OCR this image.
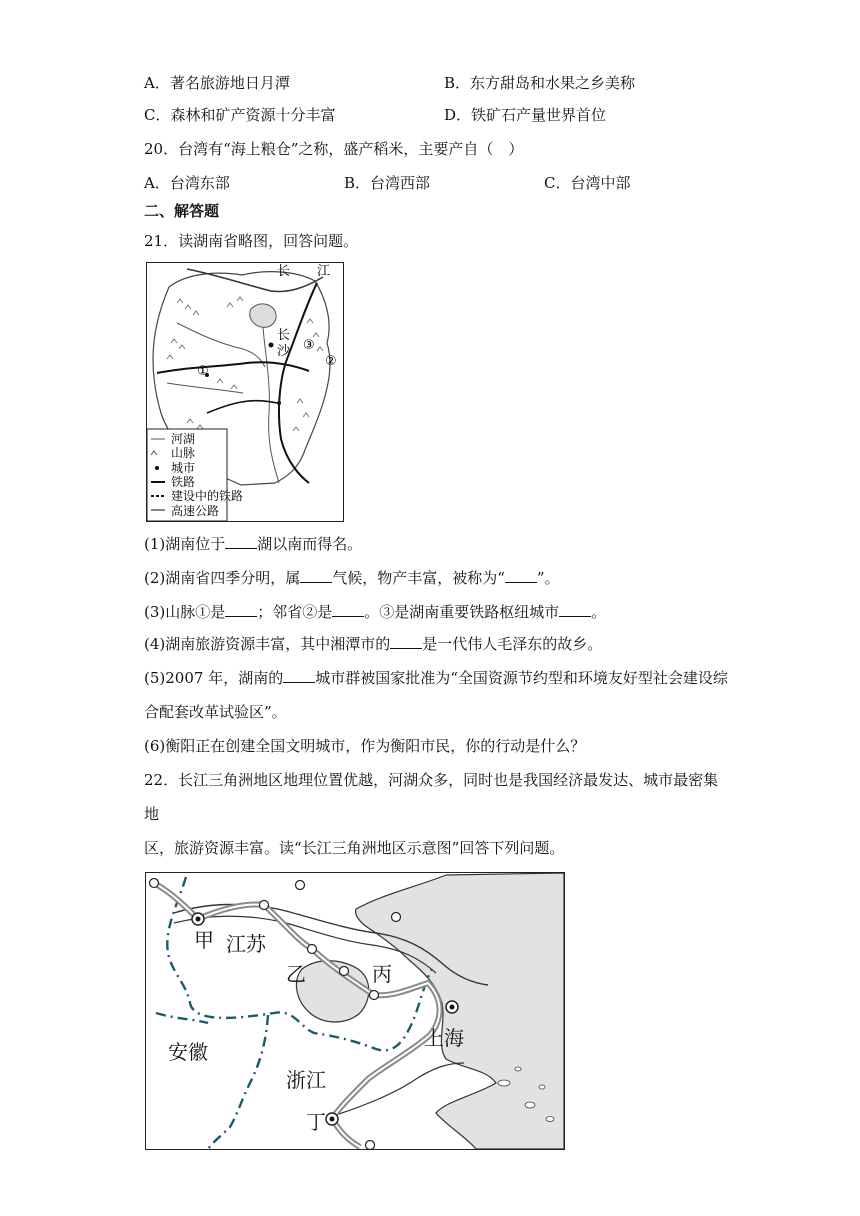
A．著名旅游地日月潭	B．东方甜岛和水果之乡美称
C．森林和矿产资源十分丰富	D．铁矿石产量世界首位
20．台湾有“海上粮仓”之称，盛产稻米，主要产自（　）
A．台湾东部	B．台湾西部	C．台湾中部
二、解答题
21．读湖南省略图，回答问题。
长 江
长
沙
①
②
③
河湖
山脉
城市
铁路
建设中的铁路
高速公路
(1)湖南位于 湖以南而得名。
(2)湖南省四季分明，属 气候，物产丰富，被称为“ ”。
(3)山脉①是 ；邻省②是 。③是湖南重要铁路枢纽城市 。
(4)湖南旅游资源丰富，其中湘潭市的 是一代伟人毛泽东的故乡。
(5)2007 年，湖南的 城市群被国家批准为“全国资源节约型和环境友好型社会建设综
合配套改革试验区”。
(6)衡阳正在创建全国文明城市，作为衡阳市民，你的行动是什么？
22．长江三角洲地区地理位置优越，河湖众多，同时也是我国经济最发达、城市最密集
地
区，旅游资源丰富。读“长江三角洲地区示意图”回答下列问题。
甲 江苏
乙	丙
安徽
浙江
上海
丁
